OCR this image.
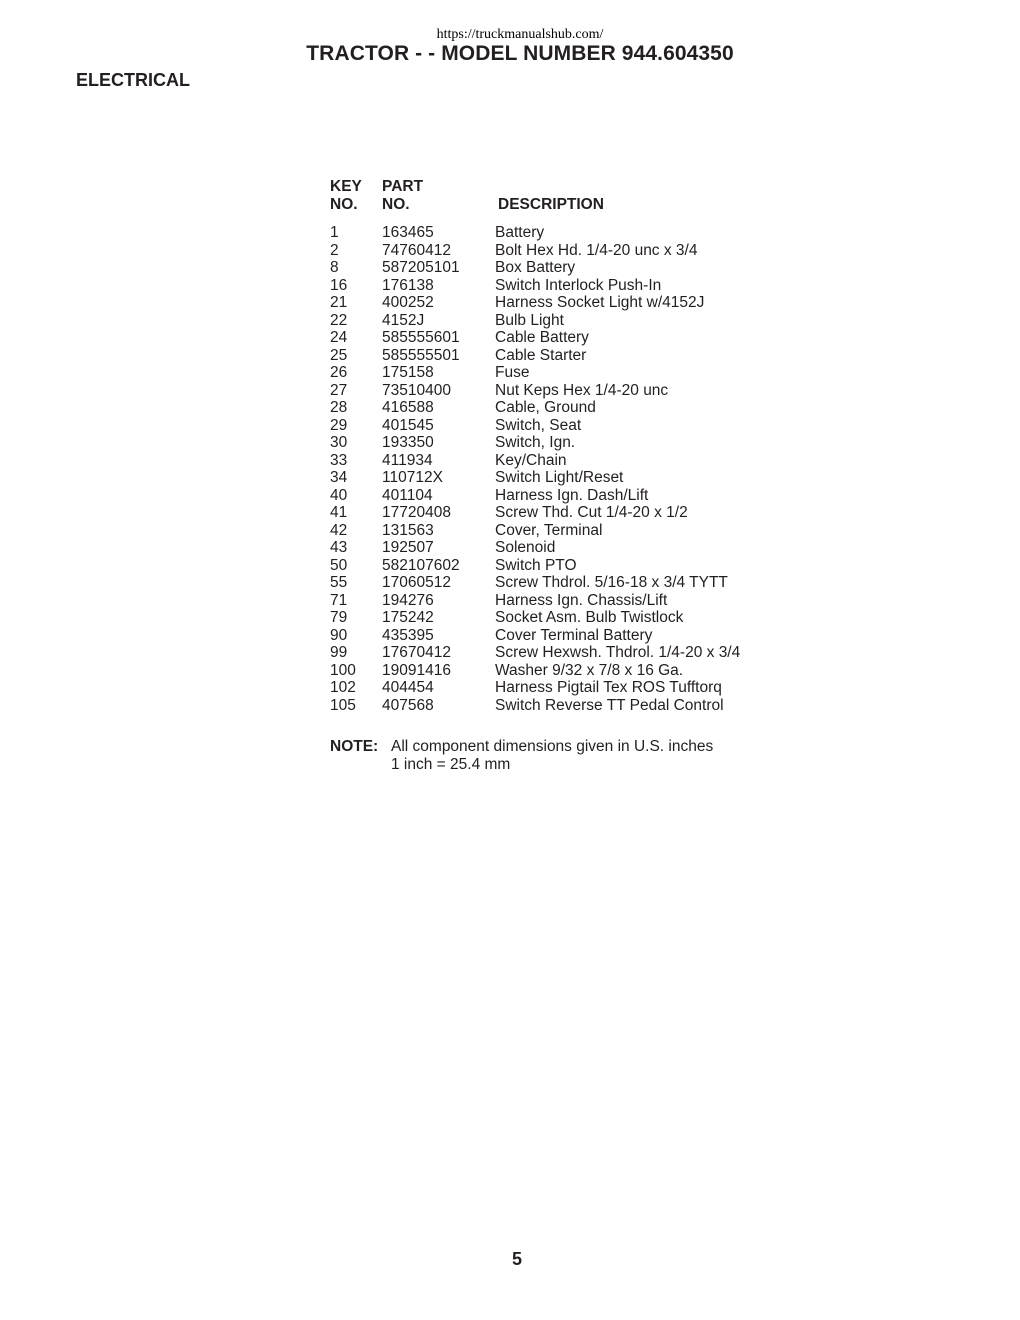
https://truckmanualshub.com/
TRACTOR - - MODEL NUMBER 944.604350
ELECTRICAL
KEY
NO.
PART
NO.	DESCRIPTION
1	163465	Battery
2	74760412	Bolt Hex Hd. 1/4-20 unc x 3/4
8	587205101 Box Battery
16 176138	Switch Interlock Push-In
21 400252	Harness Socket Light w/4152J
22 4152J	Bulb Light
24 585555601 Cable Battery
25 585555501 Cable Starter
26 175158	Fuse
27 73510400	Nut Keps Hex 1/4-20 unc
28 416588	Cable, Ground
29 401545	Switch, Seat
30 193350	Switch, Ign.
33 411934	Key/Chain
34 110712X	Switch Light/Reset
40 401104	Harness Ign. Dash/Lift
41 17720408	Screw Thd. Cut 1/4-20 x 1/2
42 131563	Cover, Terminal
43 192507	Solenoid
50 582107602 Switch PTO
55 17060512	Screw Thdrol. 5/16-18 x 3/4 TYTT
71 194276	Harness Ign. Chassis/Lift
79 175242	Socket Asm. Bulb Twistlock
90 435395	Cover Terminal Battery
99 17670412	Screw Hexwsh. Thdrol. 1/4-20 x 3/4
100 19091416	Washer 9/32 x 7/8 x 16 Ga.
102 404454	Harness Pigtail Tex ROS Tufftorq
105 407568	Switch Reverse TT Pedal Control
NOTE: All component dimensions given in U.S. inches
1 inch = 25.4 mm
5
